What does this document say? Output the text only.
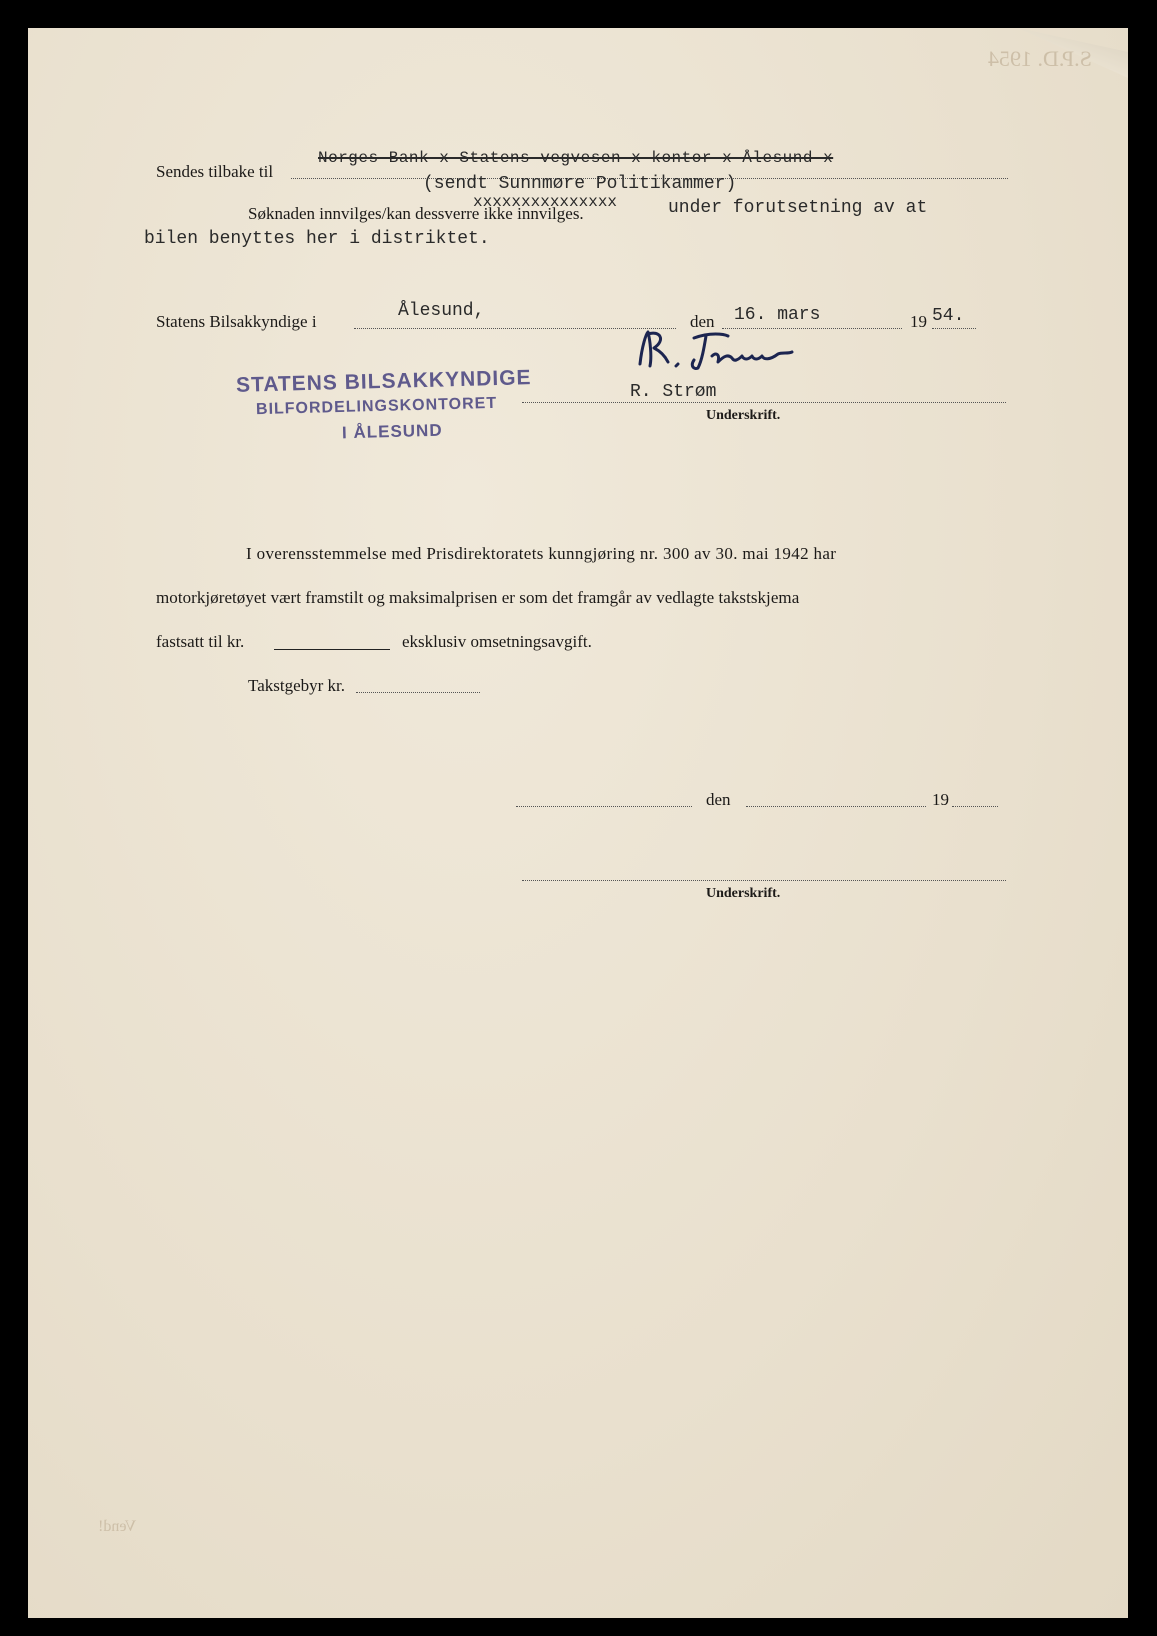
S.P.D. 1954
Vend!
Sendes tilbake til
Norges Bank x Statens vegvesen x kontor x Ålesund x
(sendt Sunnmøre Politikammer)
Søknaden innvilges/kan dessverre ikke innvilges.
xxxxxxxxxxxxxxx	under forutsetning av at
bilen benyttes her i distriktet.
Statens Bilsakkyndige i
Ålesund,
den 16. mars	19 54.
R. Strøm
Underskrift.
STATENS BILSAKKYNDIGE
BILFORDELINGSKONTORET
I ÅLESUND
I overensstemmelse med Prisdirektoratets kunngjøring nr. 300 av 30. mai 1942 har
motorkjøretøyet vært framstilt og maksimalprisen er som det framgår av vedlagte takstskjema
fastsatt til kr.	eksklusiv omsetningsavgift.
Takstgebyr kr.
den	19
Underskrift.
